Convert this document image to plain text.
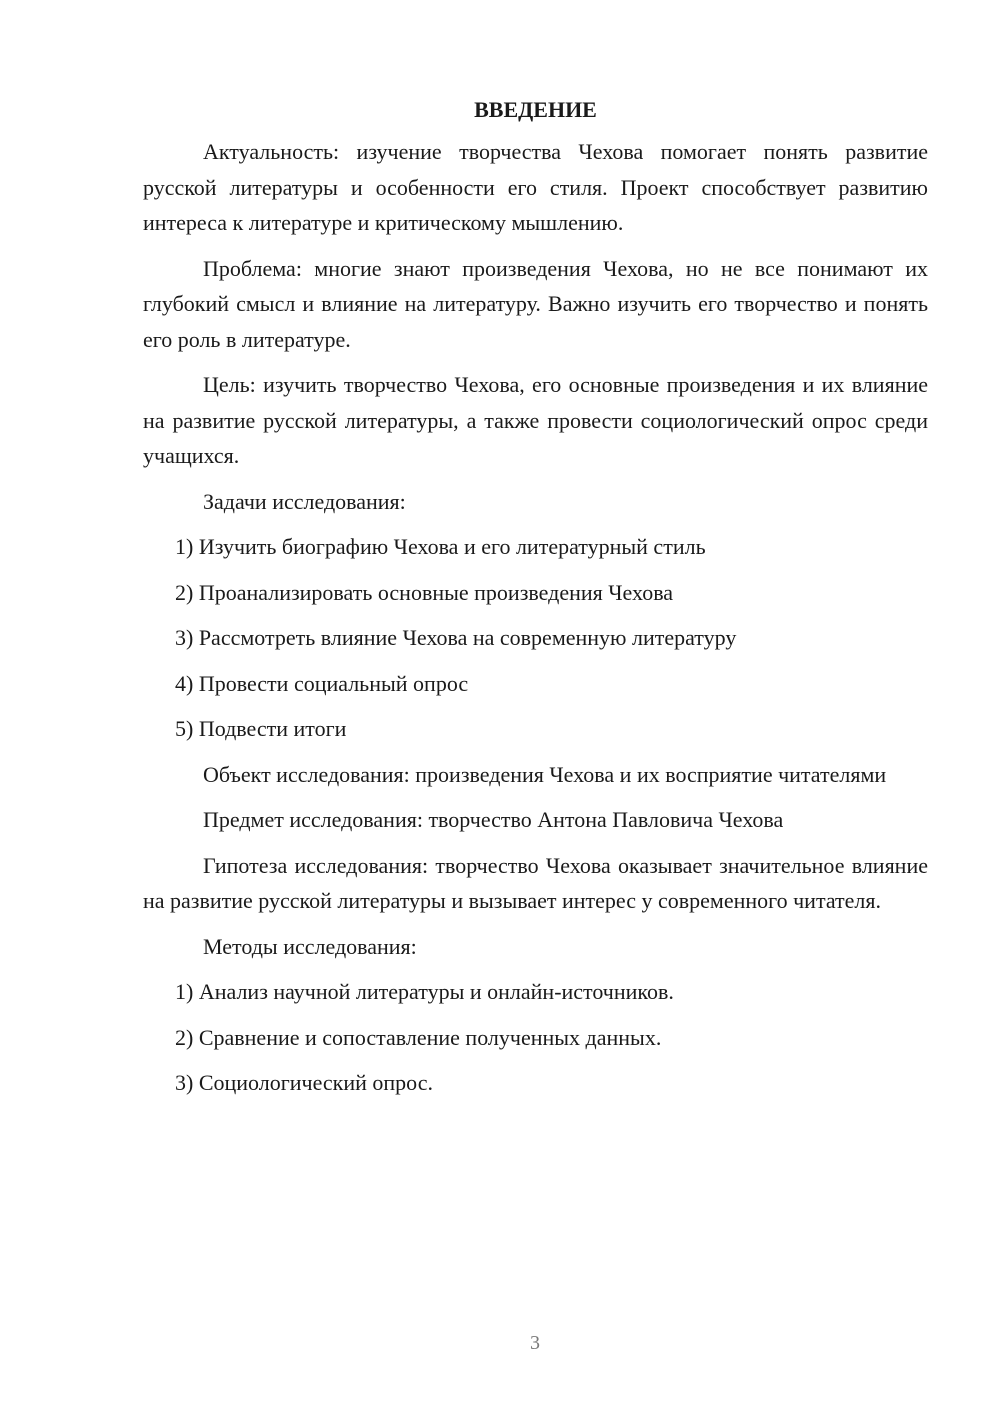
ВВЕДЕНИЕ

Актуальность: изучение творчества Чехова помогает понять развитие русской литературы и особенности его стиля. Проект способствует развитию интереса к литературе и критическому мышлению.

Проблема: многие знают произведения Чехова, но не все понимают их глубокий смысл и влияние на литературу. Важно изучить его творчество и понять его роль в литературе.

Цель: изучить творчество Чехова, его основные произведения и их влияние на развитие русской литературы, а также провести социологический опрос среди учащихся.

Задачи исследования:

1) Изучить биографию Чехова и его литературный стиль
2) Проанализировать основные произведения Чехова
3) Рассмотреть влияние Чехова на современную литературу
4) Провести социальный опрос
5) Подвести итоги

Объект исследования: произведения Чехова и их восприятие читателями

Предмет исследования: творчество Антона Павловича Чехова

Гипотеза исследования: творчество Чехова оказывает значительное влияние на развитие русской литературы и вызывает интерес у современного читателя.

Методы исследования:

1) Анализ научной литературы и онлайн-источников.
2) Сравнение и сопоставление полученных данных.
3) Социологический опрос.
3
